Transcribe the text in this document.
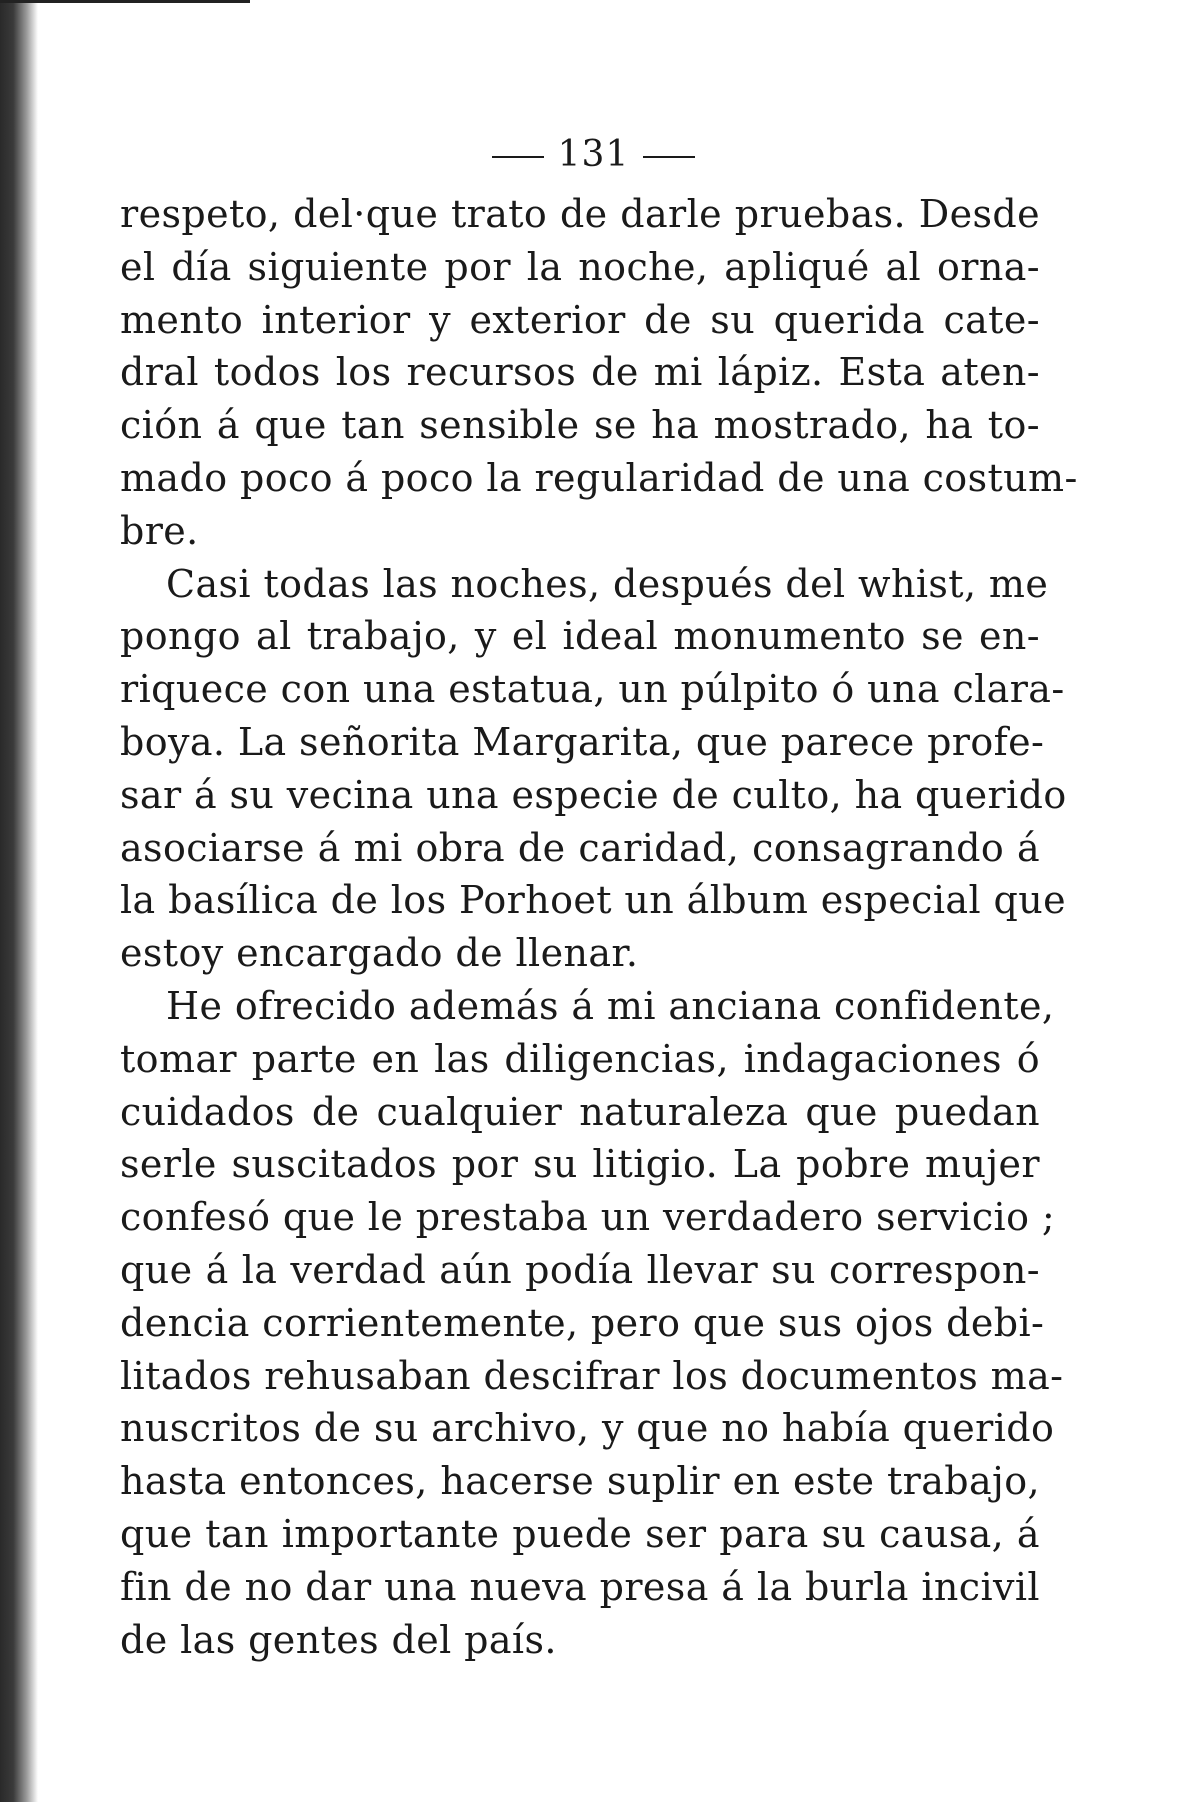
131
respeto, del·que trato de darle pruebas. Desde
el día siguiente por la noche, apliqué al orna-
mento interior y exterior de su querida cate-
dral todos los recursos de mi lápiz. Esta aten-
ción á que tan sensible se ha mostrado, ha to-
mado poco á poco la regularidad de una costum-
bre.
Casi todas las noches, después del whist, me
pongo al trabajo, y el ideal monumento se en-
riquece con una estatua, un púlpito ó una clara-
boya. La señorita Margarita, que parece profe-
sar á su vecina una especie de culto, ha querido
asociarse á mi obra de caridad, consagrando á
la basílica de los Porhoet un álbum especial que
estoy encargado de llenar.
He ofrecido además á mi anciana confidente,
tomar parte en las diligencias, indagaciones ó
cuidados de cualquier naturaleza que puedan
serle suscitados por su litigio. La pobre mujer
confesó que le prestaba un verdadero servicio ;
que á la verdad aún podía llevar su correspon-
dencia corrientemente, pero que sus ojos debi-
litados rehusaban descifrar los documentos ma-
nuscritos de su archivo, y que no había querido
hasta entonces, hacerse suplir en este trabajo,
que tan importante puede ser para su causa, á
fin de no dar una nueva presa á la burla incivil
de las gentes del país.
